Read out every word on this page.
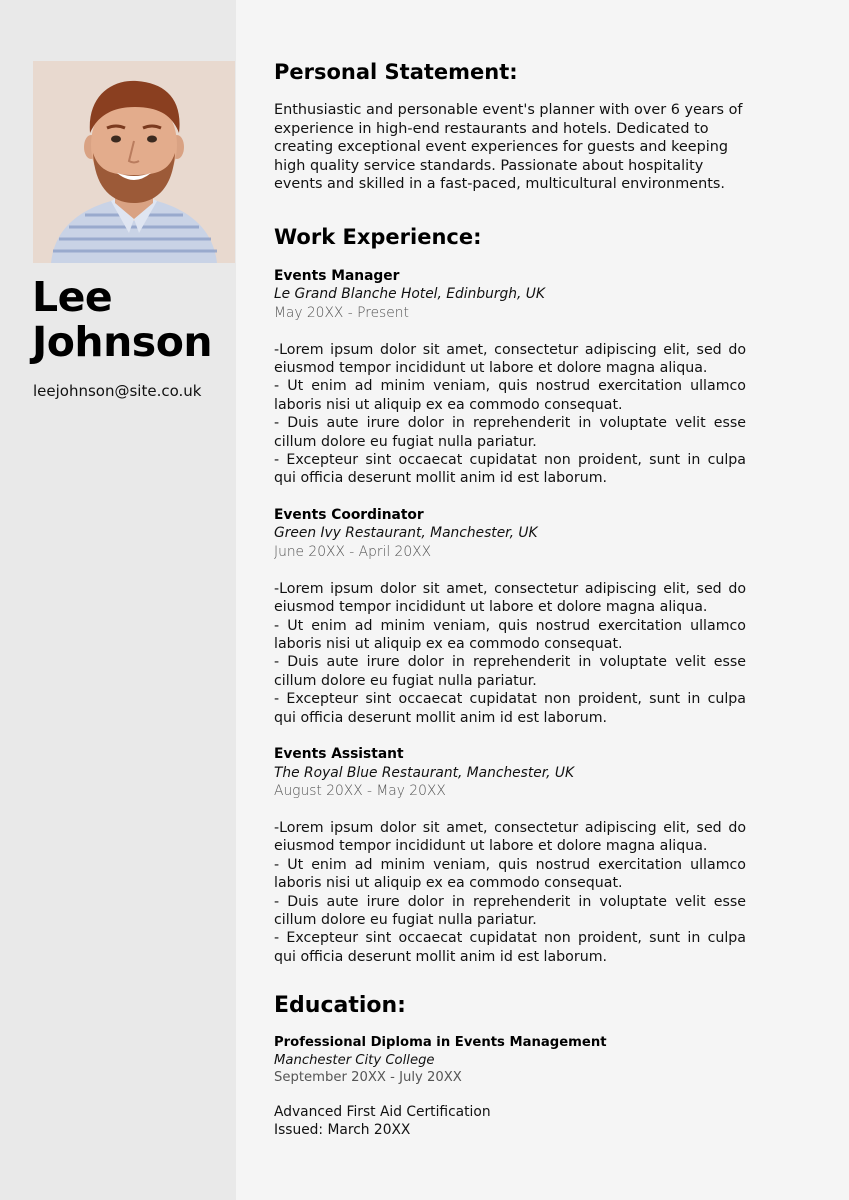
Lee
Johnson
leejohnson@site.co.uk
Personal Statement:
Enthusiastic and personable event's planner with over 6 years of experience in high-end restaurants and hotels. Dedicated to creating exceptional event experiences for guests and keeping high quality service standards. Passionate about hospitality events and skilled in a fast-paced, multicultural environments.
Work Experience:
Events Manager
Le Grand Blanche Hotel, Edinburgh, UK
May 20XX - Present

-Lorem ipsum dolor sit amet, consectetur adipiscing elit, sed do eiusmod tempor incididunt ut labore et dolore magna aliqua.

- Ut enim ad minim veniam, quis nostrud exercitation ullamco laboris nisi ut aliquip ex ea commodo consequat.

- Duis aute irure dolor in reprehenderit in voluptate velit esse cillum dolore eu fugiat nulla pariatur.

- Excepteur sint occaecat cupidatat non proident, sunt in culpa qui officia deserunt mollit anim id est laborum.

Events Coordinator
Green Ivy Restaurant, Manchester, UK
June 20XX - April 20XX

-Lorem ipsum dolor sit amet, consectetur adipiscing elit, sed do eiusmod tempor incididunt ut labore et dolore magna aliqua.

- Ut enim ad minim veniam, quis nostrud exercitation ullamco laboris nisi ut aliquip ex ea commodo consequat.

- Duis aute irure dolor in reprehenderit in voluptate velit esse cillum dolore eu fugiat nulla pariatur.

- Excepteur sint occaecat cupidatat non proident, sunt in culpa qui officia deserunt mollit anim id est laborum.

Events Assistant
The Royal Blue Restaurant, Manchester, UK
August 20XX - May 20XX

-Lorem ipsum dolor sit amet, consectetur adipiscing elit, sed do eiusmod tempor incididunt ut labore et dolore magna aliqua.

- Ut enim ad minim veniam, quis nostrud exercitation ullamco laboris nisi ut aliquip ex ea commodo consequat.

- Duis aute irure dolor in reprehenderit in voluptate velit esse cillum dolore eu fugiat nulla pariatur.

- Excepteur sint occaecat cupidatat non proident, sunt in culpa qui officia deserunt mollit anim id est laborum.

Education:
Professional Diploma in Events Management
Manchester City College
September 20XX - July 20XX
Advanced First Aid Certification
Issued: March 20XX
